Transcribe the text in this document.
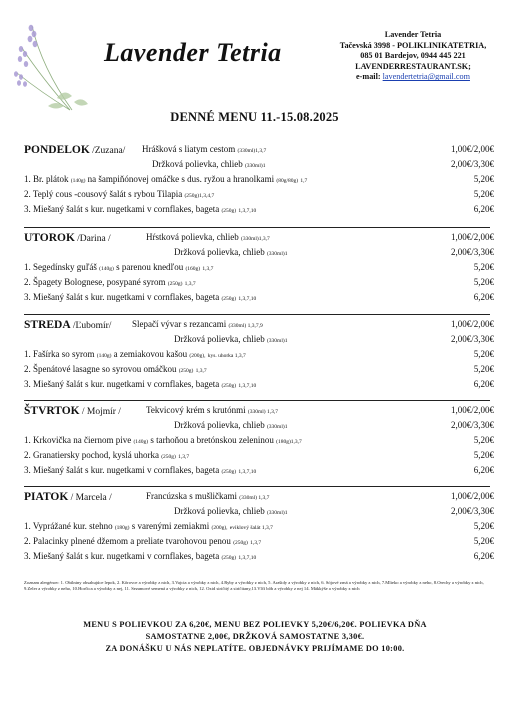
Lavender Tetria
Lavender Tetria
Tačevská 3998 - POLIKLINIKATETRIA,
085 01 Bardejov, 0944 445 221
LAVENDERRESTAURANT.SK;
e-mail: lavendertetria@gmail.com
DENNÉ MENU 11.-15.08.2025
PONDELOK /Zuzana/ Hrášková s liatym cestom (330ml)1,3,7	1,00€/2,00€
Držková polievka, chlieb (330ml)1	2,00€/3,30€
1. Br. plátok (140g) na šampiňónovej omáčke s dus. ryžou a hranolkami (80g/80g) 1,7	5,20€
2. Teplý cous -cousový šalát s rybou Tilapia (250g)1,3,4,7	5,20€
3. Miešaný šalát s kur. nugetkami v cornflakes, bageta (250g) 1,3,7,10	6,20€
UTOROK /Darina /	Hŕstková polievka, chlieb (330ml)1,3,7	1,00€/2,00€
Držková polievka, chlieb (330ml)1	2,00€/3,30€
1. Segedínsky guľáš (140g) s parenou knedľou (160g) 1,3,7	5,20€
2. Špagety Bolognese, posypané syrom (250g) 1,3,7	5,20€
3. Miešaný šalát s kur. nugetkami v cornflakes, bageta (250g) 1,3,7,10	6,20€
STREDA /Ľubomír/ Slepačí vývar s rezancami (330ml) 1,3,7,9	1,00€/2,00€
Držková polievka, chlieb (330ml)1	2,00€/3,30€
1. Fašírka so syrom (140g) a zemiakovou kašou (200g), kys. uhorka 1,3,7	5,20€
2. Špenátové lasagne so syrovou omáčkou (250g) 1,3,7	5,20€
3. Miešaný šalát s kur. nugetkami v cornflakes, bageta (250g) 1,3,7,10	6,20€
ŠTVRTOK / Mojmír /	Tekvicový krém s krutónmi (330ml) 1,3,7	1,00€/2,00€
Držková polievka, chlieb (330ml)1	2,00€/3,30€
1. Krkovička na čiernom pive (140g) s tarhoňou a bretónskou zeleninou (180g)1,3,7	5,20€
2. Granatiersky pochod, kyslá uhorka (250g) 1,3,7	5,20€
3. Miešaný šalát s kur. nugetkami v cornflakes, bageta (250g) 1,3,7,10	6,20€
PIATOK / Marcela /	Francúzska s mušličkami (330ml) 1,3,7	1,00€/2,00€
Držková polievka, chlieb (330ml)1	2,00€/3,30€
1. Vyprážané kur. stehno (180g) s varenými zemiakmi (200g), eviklový šalát 1,3,7	5,20€
2. Palacinky plnené džemom a preliate tvarohovou penou (250g) 1,3,7	5,20€
3. Miešaný šalát s kur. nugetkami v cornflakes, bageta (250g) 1,3,7,10	6,20€
Zoznam alergénov: 1. Obilniny obsahujúce lepok, 2. Kôrovce a výrobky z nich, 3.Vajcia a výrobky z nich, 4.Ryby a výrobky z nich, 5. Arašidy a výrobky z nich, 6. Sójové zrná a výrobky z nich, 7.Mlieko a výrobky z neho, 8.Orechy a výrobky z nich, 9.Zeler a výrobky z neho, 10.Horčica a výrobky z nej, 11. Sezamové semená a výrobky z nich, 12. Oxid siričitý a siričitany,13.Vlčí bôb a výrobky z nej 14. Mäkkýše a výrobky z nich
MENU S POLIEVKOU ZA 6,20€, MENU BEZ POLIEVKY 5,20€/6,20€. POLIEVKA DŇA
SAMOSTATNE 2,00€, DRŽKOVÁ SAMOSTATNE 3,30€.
ZA DONÁŠKU U NÁS NEPLATÍTE. OBJEDNÁVKY PRIJÍMAME DO 10:00.
